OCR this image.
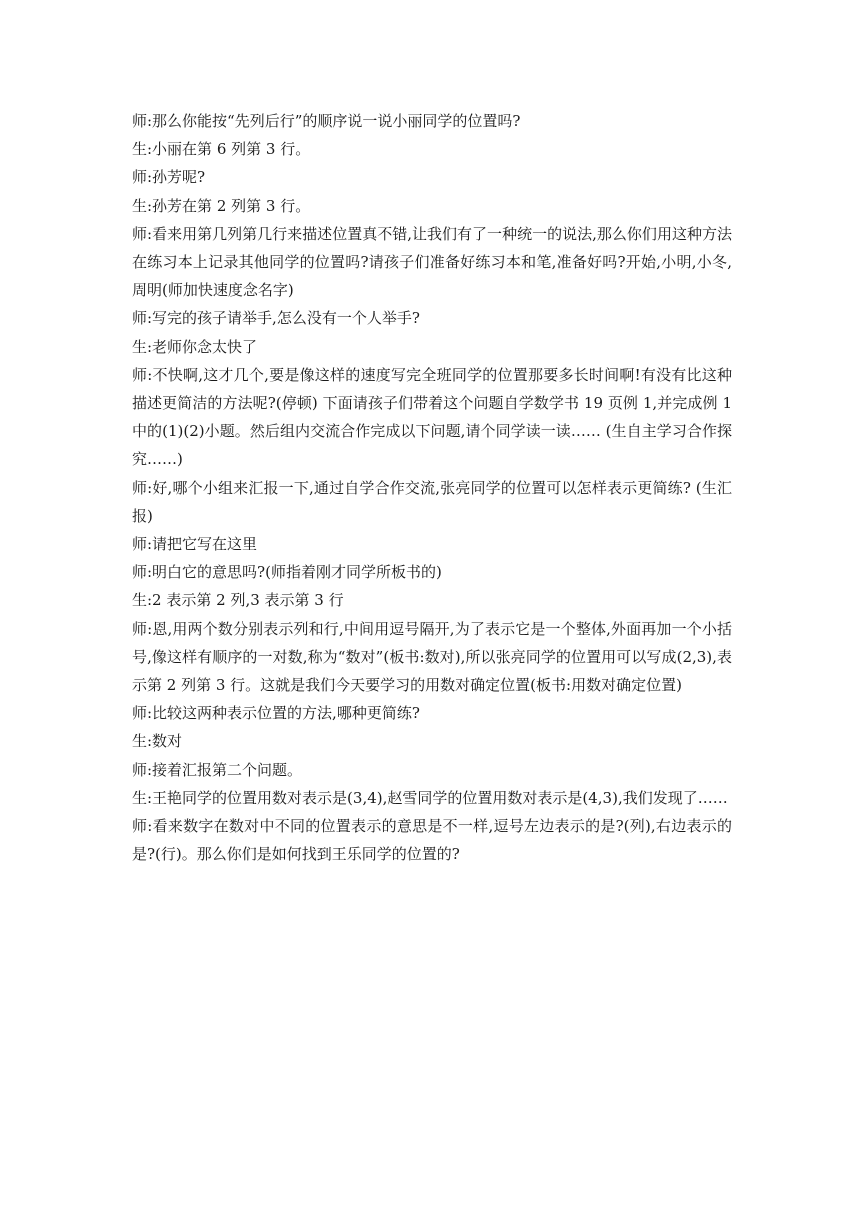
师:那么你能按“先列后行”的顺序说一说小丽同学的位置吗?

生:小丽在第 6 列第 3 行。

师:孙芳呢?

生:孙芳在第 2 列第 3 行。

师:看来用第几列第几行来描述位置真不错,让我们有了一种统一的说法,那么你们用这种方法在练习本上记录其他同学的位置吗?请孩子们准备好练习本和笔,准备好吗?开始,小明,小冬,周明(师加快速度念名字)

师:写完的孩子请举手,怎么没有一个人举手?

生:老师你念太快了

师:不快啊,这才几个,要是像这样的速度写完全班同学的位置那要多长时间啊!有没有比这种描述更简洁的方法呢?(停顿) 下面请孩子们带着这个问题自学数学书 19 页例 1,并完成例 1 中的(1)(2)小题。然后组内交流合作完成以下问题,请个同学读一读…… (生自主学习合作探究……)

师:好,哪个小组来汇报一下,通过自学合作交流,张亮同学的位置可以怎样表示更简练? (生汇报)

师:请把它写在这里

师:明白它的意思吗?(师指着刚才同学所板书的)

生:2 表示第 2 列,3 表示第 3 行

师:恩,用两个数分别表示列和行,中间用逗号隔开,为了表示它是一个整体,外面再加一个小括号,像这样有顺序的一对数,称为“数对”(板书:数对),所以张亮同学的位置用可以写成(2,3),表示第 2 列第 3 行。这就是我们今天要学习的用数对确定位置(板书:用数对确定位置)

师:比较这两种表示位置的方法,哪种更简练?

生:数对

师:接着汇报第二个问题。

生:王艳同学的位置用数对表示是(3,4),赵雪同学的位置用数对表示是(4,3),我们发现了……

师:看来数字在数对中不同的位置表示的意思是不一样,逗号左边表示的是?(列),右边表示的是?(行)。那么你们是如何找到王乐同学的位置的?
